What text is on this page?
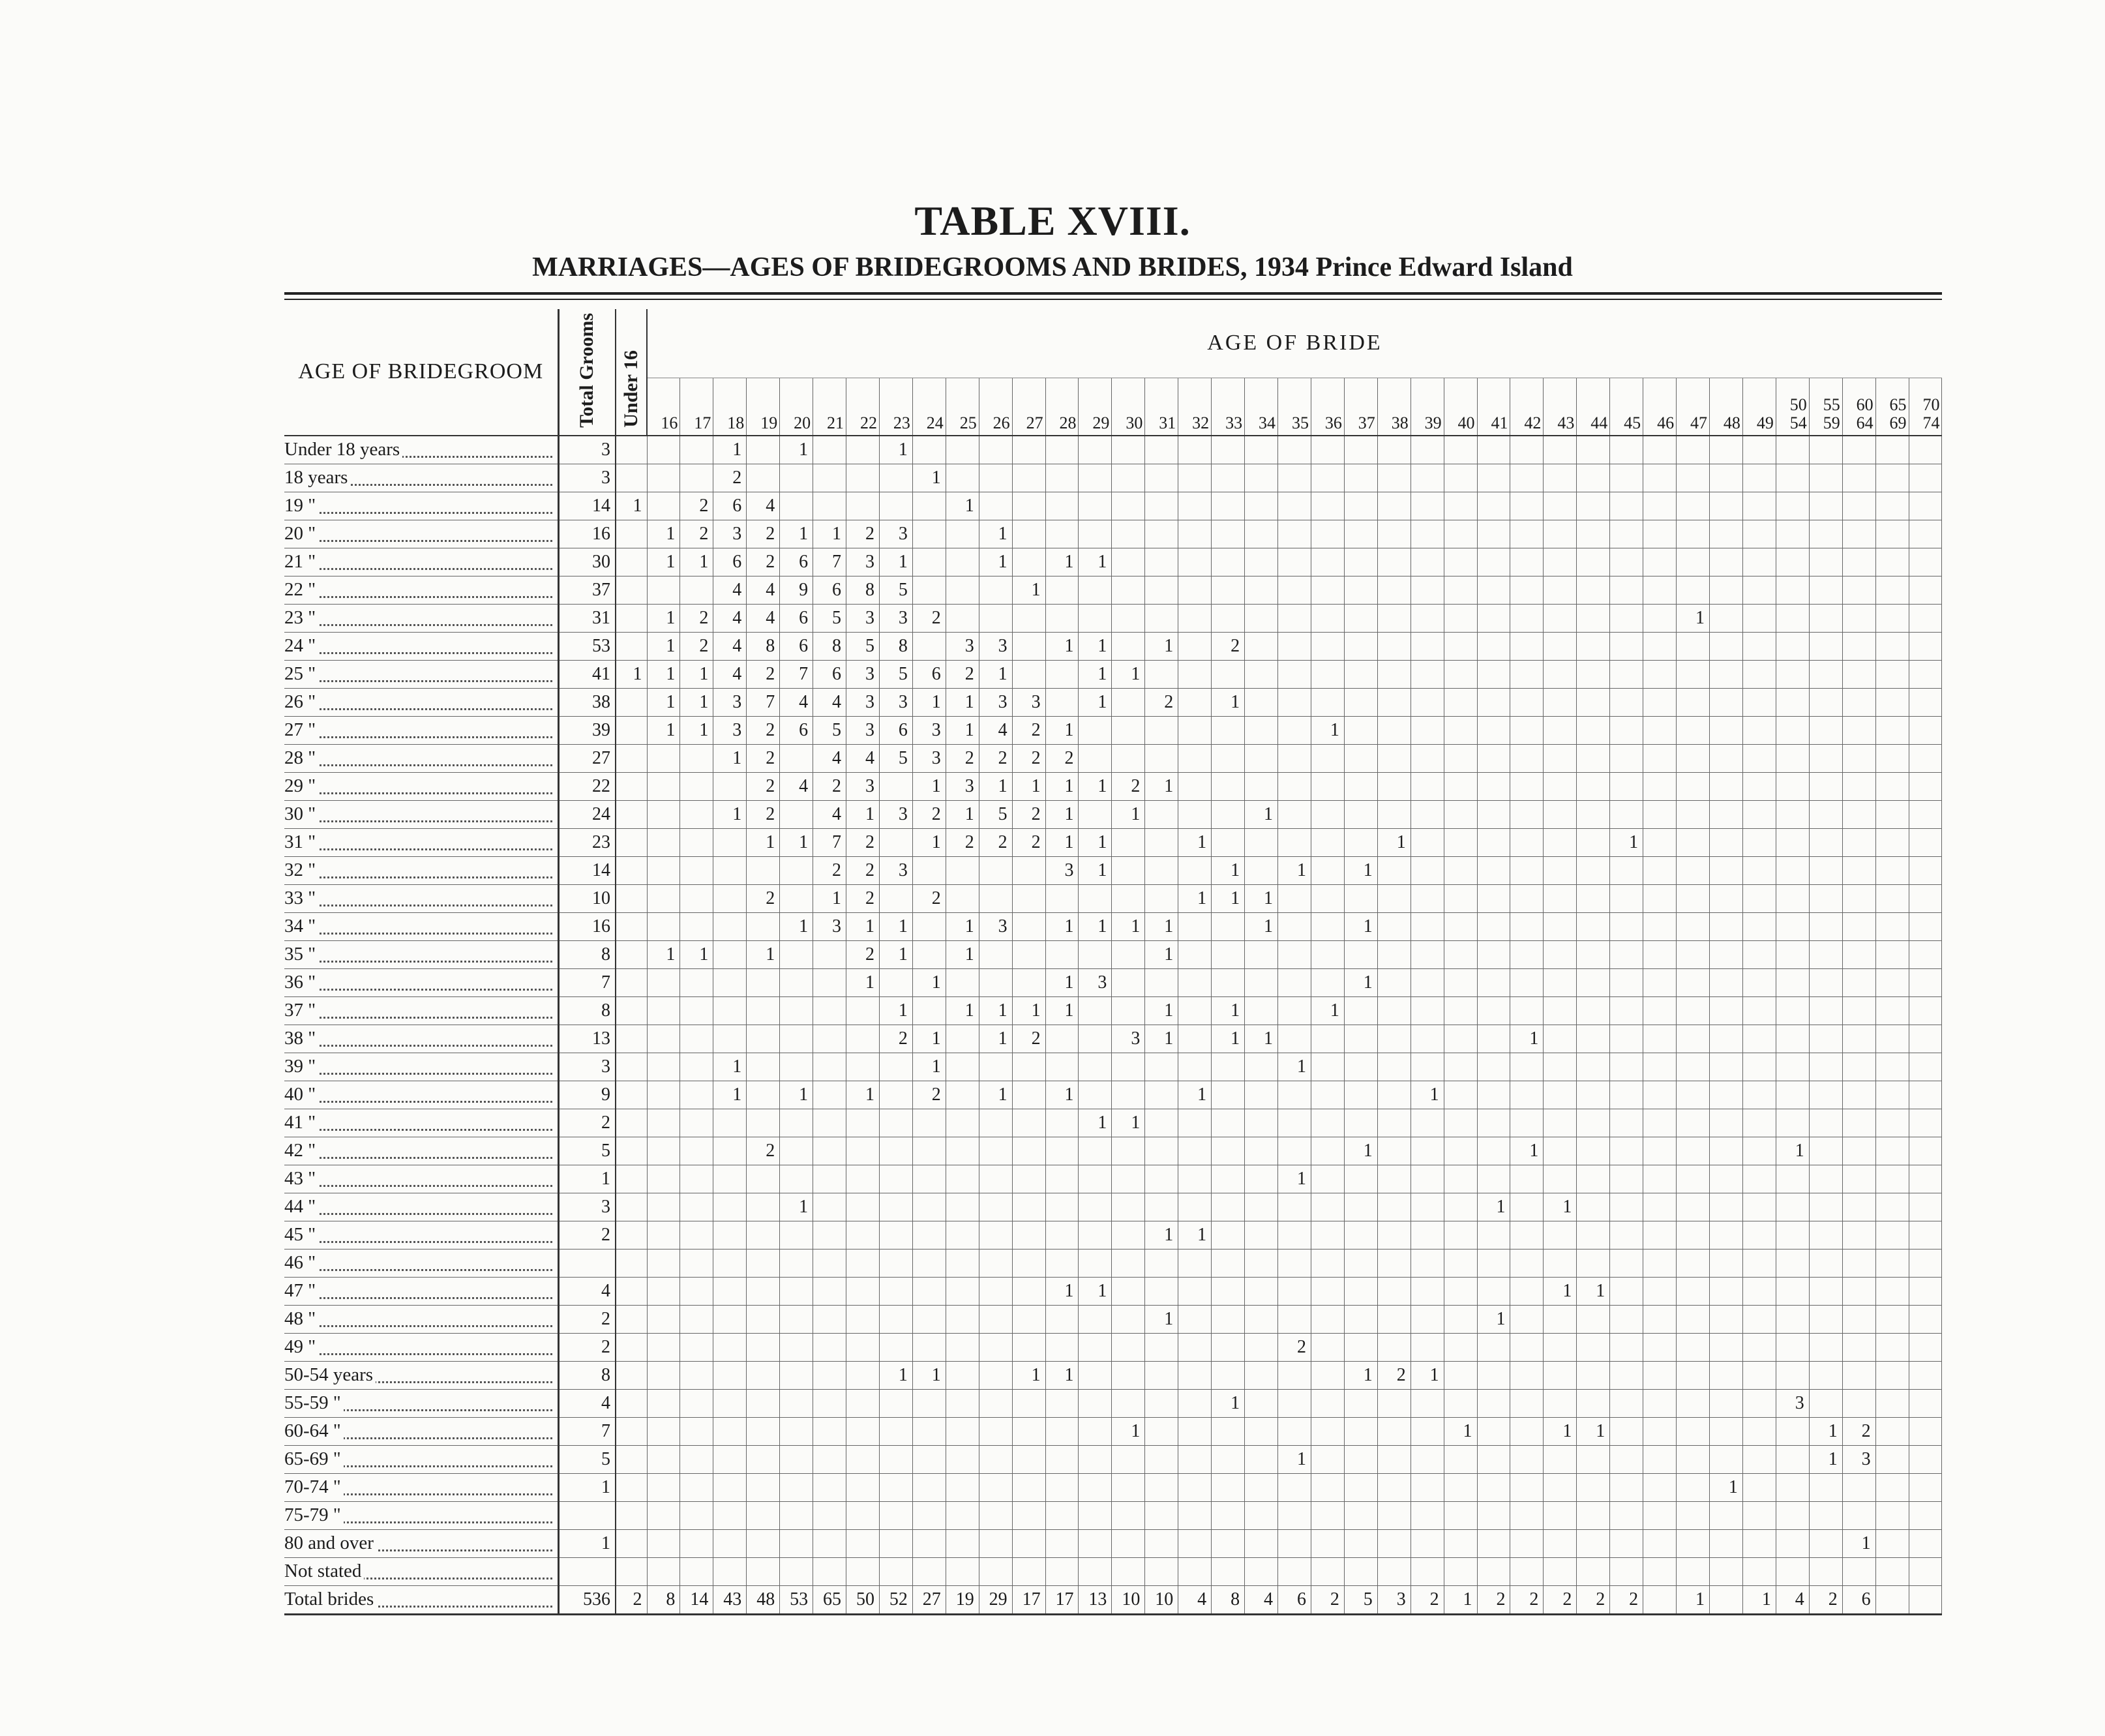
TABLE XVIII.
MARRIAGES—AGES OF BRIDEGROOMS AND BRIDES, 1934 Prince Edward Island
AGE OF BRIDEGROOM	Total Grooms	Under 16	AGE OF BRIDE																																						
			16	17	18	19	20	21	22	23	24	25	26	27	28	29	30	31	32	33	34	35	36	37	38	39	40	41	42	43	44	45	46	47	48	49	50 54	55 59	60 64	65 69	70 74

Under 18 years	3				1		1			1																															

18 years	3				2						1																														

19 "	14	1		2	6	4						1																													

20 "	16		1	2	3	2	1	1	2	3			1																												

21 "	30		1	1	6	2	6	7	3	1			1		1	1																									

22 "	37				4	4	9	6	8	5				1																											

23 "	31		1	2	4	4	6	5	3	3	2																							1							

24 "	53		1	2	4	8	6	8	5	8		3	3		1	1		1		2																					

25 "	41	1	1	1	4	2	7	6	3	5	6	2	1			1	1																								

26 "	38		1	1	3	7	4	4	3	3	1	1	3	3		1		2		1																					

27 "	39		1	1	3	2	6	5	3	6	3	1	4	2	1								1																		

28 "	27				1	2		4	4	5	3	2	2	2	2																										

29 "	22					2	4	2	3		1	3	1	1	1	1	2	1																							

30 "	24				1	2		4	1	3	2	1	5	2	1		1				1																				

31 "	23					1	1	7	2		1	2	2	2	1	1			1						1							1									

32 "	14							2	2	3					3	1				1		1		1																	

33 "	10					2		1	2		2								1	1	1																				

34 "	16						1	3	1	1		1	3		1	1	1	1			1			1																	

35 "	8		1	1		1			2	1		1						1																							

36 "	7								1		1				1	3								1																	

37 "	8									1		1	1	1	1			1		1			1																		

38 "	13									2	1		1	2			3	1		1	1								1												

39 "	3				1						1											1																			

40 "	9				1		1		1		2		1		1				1							1															

41 "	2															1	1																								

42 "	5					2																		1					1								1				

43 "	1																					1																			

44 "	3						1																					1		1											

45 "	2																	1	1																						

46 "																																									

47 "	4														1	1														1	1										

48 "	2																	1										1													

49 "	2																					2																			

50-54 years	8									1	1			1	1									1	2	1															

55-59 "	4																			1																	3				

60-64 "	7																1										1			1	1							1	2		

65-69 "	5																					1																1	3		

70-74 "	1																																		1						

75-79 "																																									

80 and over	1																																						1		

Not stated																																									

Total brides	536	2	8	14	43	48	53	65	50	52	27	19	29	17	17	13	10	10	4	8	4	6	2	5	3	2	1	2	2	2	2	2		1		1	4	2	6		
